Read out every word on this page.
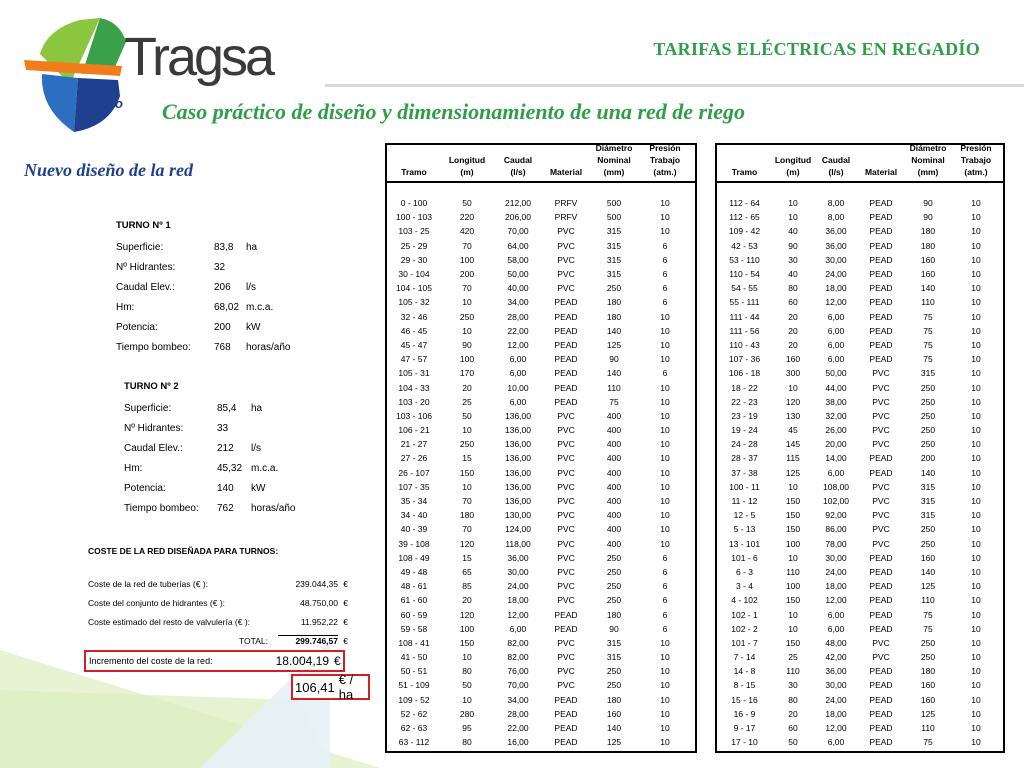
Tragsa
Grupo
TARIFAS ELÉCTRICAS EN REGADÍO
Caso práctico de diseño y dimensionamiento de una red de riego
Nuevo diseño de la red
TURNO Nº 1
Superficie:	83,8	ha
Nº Hidrantes:	32
Caudal Elev.:	206	l/s
Hm:	68,02 m.c.a.
Potencia:	200	kW
Tiempo bombeo:	768	horas/año
TURNO Nº 2
Superficie:	85,4	ha
Nº Hidrantes:	33
Caudal Elev.:	212	l/s
Hm:	45,32 m.c.a.
Potencia:	140	kW
Tiempo bombeo:	762	horas/año
COSTE DE LA RED DISEÑADA PARA TURNOS:
Coste de la red de tuberías (€ ):	239.044,35 €
Coste del conjunto de hidrantes (€ ):	48.750,00 €
Coste estimado del resto de valvulería (€ ):	11.952,22 €
TOTAL:	299.746,57 €
Incremento del coste de la red:	18.004,19 €
106,41 € / ha
Tramo
Longitud
(m)
Caudal
(l/s)	Material
Diámetro
Nominal
(mm)
Presión
Trabajo
(atm.)
0 - 100	50	212,00	PRFV	500	10
100 - 103	220	206,00	PRFV	500	10
103 - 25	420	70,00	PVC	315	10
25 - 29	70	64,00	PVC	315	6
29 - 30	100	58,00	PVC	315	6
30 - 104	200	50,00	PVC	315	6
104 - 105	70	40,00	PVC	250	6
105 - 32	10	34,00	PEAD	180	6
32 - 46	250	28,00	PEAD	180	10
46 - 45	10	22,00	PEAD	140	10
45 - 47	90	12,00	PEAD	125	10
47 - 57	100	6,00	PEAD	90	10
105 - 31	170	6,00	PEAD	140	6
104 - 33	20	10,00	PEAD	110	10
103 - 20	25	6,00	PEAD	75	10
103 - 106	50	136,00	PVC	400	10
106 - 21	10	136,00	PVC	400	10
21 - 27	250	136,00	PVC	400	10
27 - 26	15	136,00	PVC	400	10
26 - 107	150	136,00	PVC	400	10
107 - 35	10	136,00	PVC	400	10
35 - 34	70	136,00	PVC	400	10
34 - 40	180	130,00	PVC	400	10
40 - 39	70	124,00	PVC	400	10
39 - 108	120	118,00	PVC	400	10
108 - 49	15	36,00	PVC	250	6
49 - 48	65	30,00	PVC	250	6
48 - 61	85	24,00	PVC	250	6
61 - 60	20	18,00	PVC	250	6
60 - 59	120	12,00	PEAD	180	6
59 - 58	100	6,00	PEAD	90	6
108 - 41	150	82,00	PVC	315	10
41 - 50	10	82,00	PVC	315	10
50 - 51	80	76,00	PVC	250	10
51 - 109	50	70,00	PVC	250	10
109 - 52	10	34,00	PEAD	180	10
52 - 62	280	28,00	PEAD	160	10
62 - 63	95	22,00	PEAD	140	10
63 - 112	80	16,00	PEAD	125	10
Tramo
Longitud
(m)
Caudal
(l/s)	Material
Diámetro
Nominal
(mm)
Presión
Trabajo
(atm.)
112 - 64	10	8,00	PEAD	90	10
112 - 65	10	8,00	PEAD	90	10
109 - 42	40	36,00	PEAD	180	10
42 - 53	90	36,00	PEAD	180	10
53 - 110	30	30,00	PEAD	160	10
110 - 54	40	24,00	PEAD	160	10
54 - 55	80	18,00	PEAD	140	10
55 - 111	60	12,00	PEAD	110	10
111 - 44	20	6,00	PEAD	75	10
111 - 56	20	6,00	PEAD	75	10
110 - 43	20	6,00	PEAD	75	10
107 - 36	160	6,00	PEAD	75	10
106 - 18	300	50,00	PVC	315	10
18 - 22	10	44,00	PVC	250	10
22 - 23	120	38,00	PVC	250	10
23 - 19	130	32,00	PVC	250	10
19 - 24	45	26,00	PVC	250	10
24 - 28	145	20,00	PVC	250	10
28 - 37	115	14,00	PEAD	200	10
37 - 38	125	6,00	PEAD	140	10
100 - 11	10	108,00	PVC	315	10
11 - 12	150	102,00	PVC	315	10
12 - 5	150	92,00	PVC	315	10
5 - 13	150	86,00	PVC	250	10
13 - 101	100	78,00	PVC	250	10
101 - 6	10	30,00	PEAD	160	10
6 - 3	110	24,00	PEAD	140	10
3 - 4	100	18,00	PEAD	125	10
4 - 102	150	12,00	PEAD	110	10
102 - 1	10	6,00	PEAD	75	10
102 - 2	10	6,00	PEAD	75	10
101 - 7	150	48,00	PVC	250	10
7 - 14	25	42,00	PVC	250	10
14 - 8	110	36,00	PEAD	180	10
8 - 15	30	30,00	PEAD	160	10
15 - 16	80	24,00	PEAD	160	10
16 - 9	20	18,00	PEAD	125	10
9 - 17	60	12,00	PEAD	110	10
17 - 10	50	6,00	PEAD	75	10
